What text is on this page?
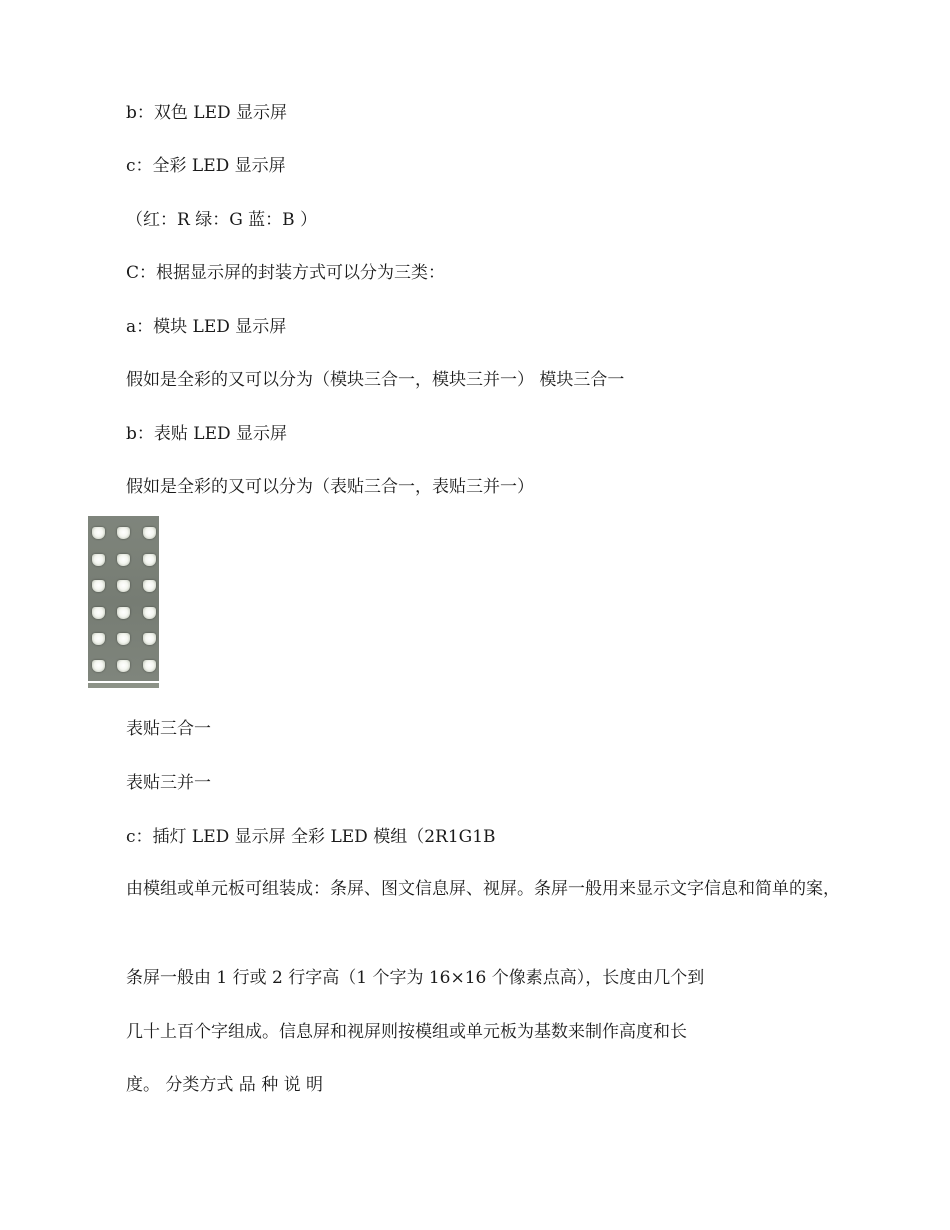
b：双色 LED 显示屏
c：全彩 LED 显示屏
（红：R 绿：G 蓝：B ）
C：根据显示屏的封装方式可以分为三类：
a：模块 LED 显示屏
假如是全彩的又可以分为（模块三合一，模块三并一） 模块三合一
b：表贴 LED 显示屏
假如是全彩的又可以分为（表贴三合一，表贴三并一）
表贴三合一
表贴三并一
c：插灯 LED 显示屏 全彩 LED 模组（2R1G1B
由模组或单元板可组装成：条屏、图文信息屏、视屏。条屏一般用来显示文字信息和简单的案，
条屏一般由 1 行或 2 行字高（1 个字为 16×16 个像素点高），长度由几个到
几十上百个字组成。信息屏和视屏则按模组或单元板为基数来制作高度和长
度。 分类方式 品 种 说 明
